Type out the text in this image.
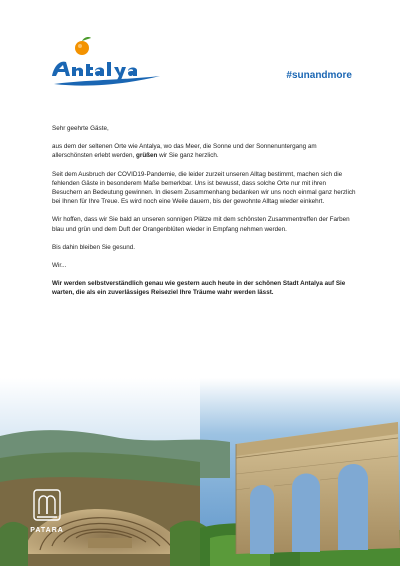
#sunandmore

Sehr geehrte Gäste,

aus dem der seltenen Orte wie Antalya, wo das Meer, die Sonne und der Sonnenuntergang am allerschönsten erlebt werden, grüßen wir Sie ganz herzlich.

Seit dem Ausbruch der COVID19-Pandemie, die leider zurzeit unseren Alltag bestimmt, machen sich die fehlenden Gäste in besonderem Maße bemerkbar. Uns ist bewusst, dass solche Orte nur mit ihren Besuchern an Bedeutung gewinnen. In diesem Zusammenhang bedanken wir uns noch einmal ganz herzlich bei Ihnen für Ihre Treue. Es wird noch eine Weile dauern, bis der gewohnte Alltag wieder einkehrt.

Wir hoffen, dass wir Sie bald an unseren sonnigen Plätze mit dem schönsten Zusammentreffen der Farben blau und grün und dem Duft der Orangenblüten wieder in Empfang nehmen werden.

Bis dahin bleiben Sie gesund.

Wir...

Wir werden selbstverständlich genau wie gestern auch heute in der schönen Stadt Antalya auf Sie warten, die als ein zuverlässiges Reiseziel Ihre Träume wahr werden lässt.

PATARA
